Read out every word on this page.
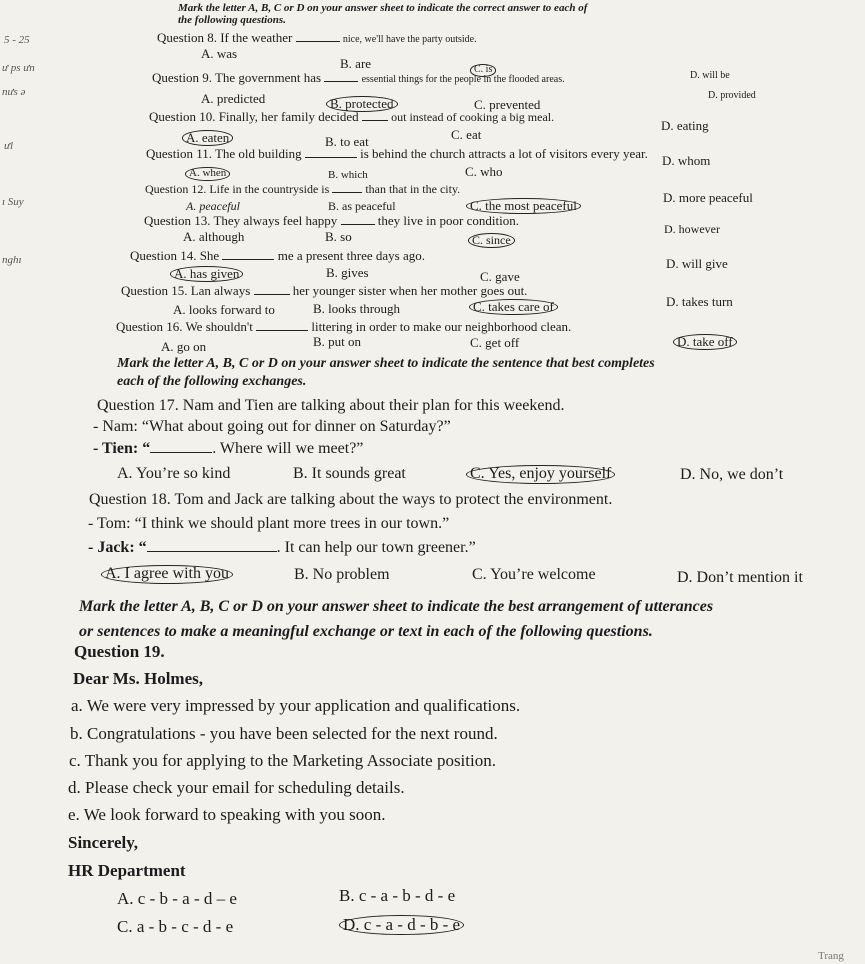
5 - 25
ư ps ưn
nưs ə
ưl
ı Suy
nghı
Mark the letter A, B, C or D on your answer sheet to indicate the correct answer to each of
the following questions.
Question 8. If the weather	nice, we'll have the party outside.
A. was
B. are	C. is
D. will be
Question 9. The government has	essential things for the people in the flooded areas.
A. predicted	B. protected	C. prevented
D. provided
Question 10. Finally, her family decided	out instead of cooking a big meal.
A. eaten	B. to eat	C. eat
D. eating
Question 11. The old building	is behind the church attracts a lot of visitors every year.
A. when	B. which	C. who
D. whom
Question 12. Life in the countryside is	than that in the city.
A. peaceful	B. as peaceful	C. the most peaceful
D. more peaceful
Question 13. They always feel happy	they live in poor condition.
A. although	B. so	C. since
D. however
Question 14. She	me a present three days ago.
A. has given	B. gives	C. gave
D. will give
Question 15. Lan always	her younger sister when her mother goes out.
A. looks forward to	B. looks through	C. takes care of	D. takes turn
Question 16. We shouldn't	littering in order to make our neighborhood clean.
A. go on	B. put on	C. get off	D. take off
Mark the letter A, B, C or D on your answer sheet to indicate the sentence that best completes
each of the following exchanges.
Question 17. Nam and Tien are talking about their plan for this weekend.
- Nam: “What about going out for dinner on Saturday?”
- Tien: “	. Where will we meet?”
A. You’re so kind	B. It sounds great	C. Yes, enjoy yourself	D. No, we don’t
Question 18. Tom and Jack are talking about the ways to protect the environment.
- Tom: “I think we should plant more trees in our town.”
- Jack: “	. It can help our town greener.”
A. I agree with you	B. No problem	C. You’re welcome	D. Don’t mention it
Mark the letter A, B, C or D on your answer sheet to indicate the best arrangement of utterances
or sentences to make a meaningful exchange or text in each of the following questions.
Question 19.
Dear Ms. Holmes,
a. We were very impressed by your application and qualifications.
b. Congratulations - you have been selected for the next round.
c. Thank you for applying to the Marketing Associate position.
d. Please check your email for scheduling details.
e. We look forward to speaking with you soon.
Sincerely,
HR Department
A. c - b - a - d – e	B. c - a - b - d - e
C. a - b - c - d - e	D. c - a - d - b - e
Trang
